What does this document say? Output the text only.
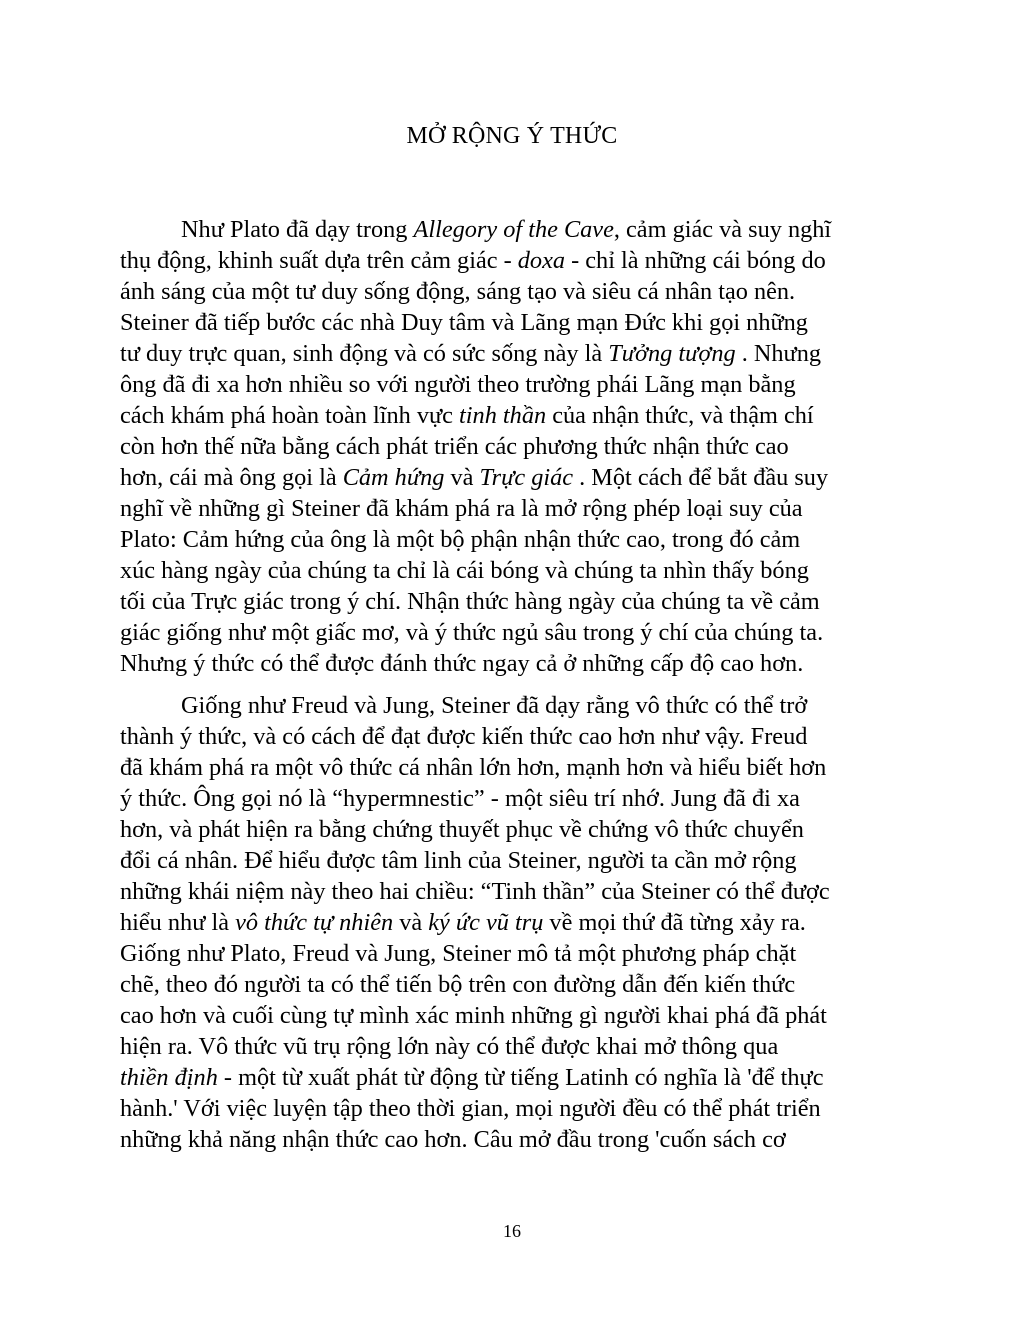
MỞ RỘNG Ý THỨC
Như Plato đã dạy trong Allegory of the Cave, cảm giác và suy nghĩ
thụ động, khinh suất dựa trên cảm giác - doxa - chỉ là những cái bóng do
ánh sáng của một tư duy sống động, sáng tạo và siêu cá nhân tạo nên.
Steiner đã tiếp bước các nhà Duy tâm và Lãng mạn Đức khi gọi những
tư duy trực quan, sinh động và có sức sống này là Tưởng tượng . Nhưng
ông đã đi xa hơn nhiều so với người theo trường phái Lãng mạn bằng
cách khám phá hoàn toàn lĩnh vực tinh thần của nhận thức, và thậm chí
còn hơn thế nữa bằng cách phát triển các phương thức nhận thức cao
hơn, cái mà ông gọi là Cảm hứng và Trực giác . Một cách để bắt đầu suy
nghĩ về những gì Steiner đã khám phá ra là mở rộng phép loại suy của
Plato: Cảm hứng của ông là một bộ phận nhận thức cao, trong đó cảm
xúc hàng ngày của chúng ta chỉ là cái bóng và chúng ta nhìn thấy bóng
tối của Trực giác trong ý chí. Nhận thức hàng ngày của chúng ta về cảm
giác giống như một giấc mơ, và ý thức ngủ sâu trong ý chí của chúng ta.
Nhưng ý thức có thể được đánh thức ngay cả ở những cấp độ cao hơn.
Giống như Freud và Jung, Steiner đã dạy rằng vô thức có thể trở
thành ý thức, và có cách để đạt được kiến thức cao hơn như vậy. Freud
đã khám phá ra một vô thức cá nhân lớn hơn, mạnh hơn và hiểu biết hơn
ý thức. Ông gọi nó là “hypermnestic” - một siêu trí nhớ. Jung đã đi xa
hơn, và phát hiện ra bằng chứng thuyết phục về chứng vô thức chuyển
đổi cá nhân. Để hiểu được tâm linh của Steiner, người ta cần mở rộng
những khái niệm này theo hai chiều: “Tinh thần” của Steiner có thể được
hiểu như là vô thức tự nhiên và ký ức vũ trụ về mọi thứ đã từng xảy ra.
Giống như Plato, Freud và Jung, Steiner mô tả một phương pháp chặt
chẽ, theo đó người ta có thể tiến bộ trên con đường dẫn đến kiến thức
cao hơn và cuối cùng tự mình xác minh những gì người khai phá đã phát
hiện ra. Vô thức vũ trụ rộng lớn này có thể được khai mở thông qua
thiền định - một từ xuất phát từ động từ tiếng Latinh có nghĩa là 'để thực
hành.' Với việc luyện tập theo thời gian, mọi người đều có thể phát triển
những khả năng nhận thức cao hơn. Câu mở đầu trong 'cuốn sách cơ
16
